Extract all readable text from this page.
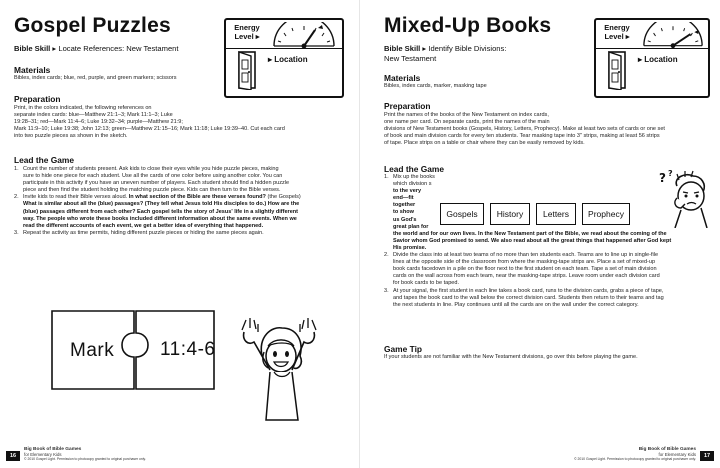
Gospel Puzzles
Bible Skill ▸ Locate References: New Testament
Energy
Level ▸
▸ Location
Materials
Bibles, index cards; blue, red, purple, and green markers; scissors
Preparation
Print, in the colors indicated, the following references on
separate index cards: blue—Matthew 21:1–3; Mark 11:1–3; Luke
19:28–31; red—Mark 11:4–6; Luke 19:32–34; purple—Matthew 21:9;
Mark 11:9–10; Luke 19:38; John 12:13; green—Matthew 21:15–16; Mark 11:18; Luke 19:39–40. Cut each card
into two puzzle pieces as shown in the sketch.
Lead the Game
1. Count the number of students present. Ask kids to close their eyes while you hide puzzle pieces, making
sure to hide one piece for each student. Use all the cards of one color before using another color. You can
participate in this activity if you have an uneven number of players. Each student should find a hidden puzzle
piece and then find the student holding the matching puzzle piece. Kids can then turn to the Bible verses.
2. Invite kids to read their Bible verses aloud. In what section of the Bible are these verses found? (the Gospels)
What is similar about all the (blue) passages? (They tell what Jesus told His disciples to do.) How are the
(blue) passages different from each other? Each gospel tells the story of Jesus' life in a slightly different
way. The people who wrote these books included different information about the same events. When we
read the different accounts of each event, we get a better idea of everything that happened.
3. Repeat the activity as time permits, hiding different puzzle pieces or hiding the same pieces again.
Mark 11:4-6
16
Big Book of Bible Games
for Elementary Kids
© 2010 Gospel Light. Permission to photocopy granted to original purchaser only.
Mixed-Up Books
Bible Skill ▸ Identify Bible Divisions:
New Testament
Energy
Level ▸
▸ Location
Materials
Bibles, index cards, marker, masking tape
Preparation
Print the names of the books of the New Testament on index cards,
one name per card. On separate cards, print the names of the main
divisions of New Testament books (Gospels, History, Letters, Prophecy). Make at least two sets of cards or one set
of book and main division cards for every ten students. Tear masking tape into 3" strips, making at least 56 strips
of tape. Place strips on a table or chair where they can be easily removed by kids.
Lead the Game
1. Mix up the books
which division s
to the very
end—fit
together
to show
us God's
great plan for
the world and for our own lives. In the New Testament part of the Bible, we read about the coming of the
Savior whom God promised to send. We also read about all the great things that happened after God kept
His promise.
2. Divide the class into at least two teams of no more than ten students each. Teams are to line up in single-file
lines at the opposite side of the classroom from where the masking-tape strips are. Place a set of mixed-up
book cards facedown in a pile on the floor next to the first student on each team. Tape a set of main division
cards on the wall across from each team, near the masking-tape strips. Leave room under each division card
for book cards to be taped.
3. At your signal, the first student in each line takes a book card, runs to the division cards, grabs a piece of tape,
and tapes the book card to the wall below the correct division card. Students then return to their teams and tag
the next students in line. Play continues until all the cards are on the wall under the correct category.
Game Tip
If your students are not familiar with the New Testament divisions, go over this before playing the game.
17
Big Book of Bible Games
for Elementary Kids
© 2010 Gospel Light. Permission to photocopy granted to original purchaser only.
Gospels	History	Letters	Prophecy
? ?
